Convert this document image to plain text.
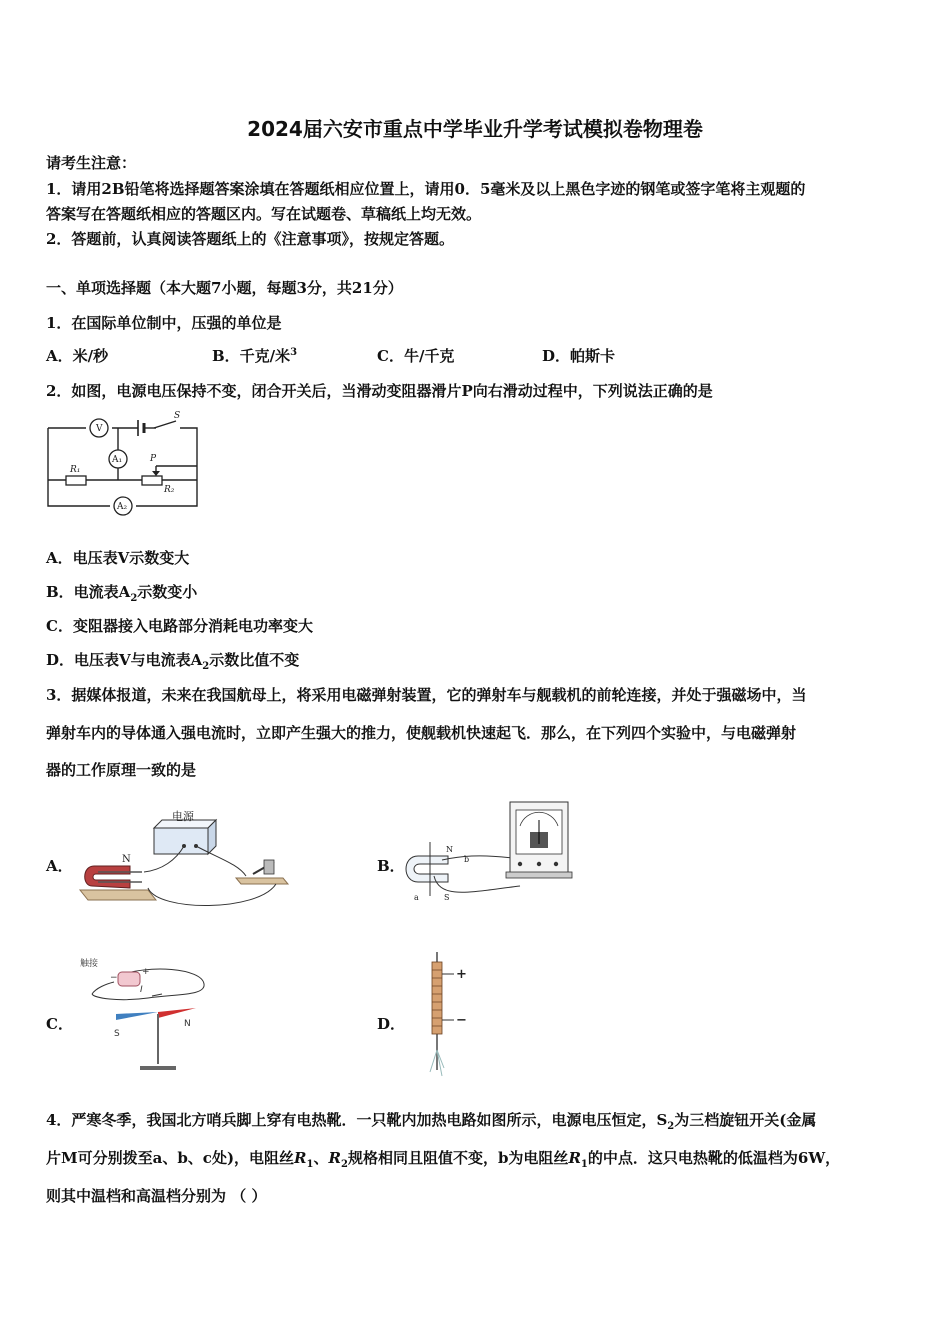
2024届六安市重点中学毕业升学考试模拟卷物理卷
请考生注意：
1．请用2B铅笔将选择题答案涂填在答题纸相应位置上，请用0．5毫米及以上黑色字迹的钢笔或签字笔将主观题的
答案写在答题纸相应的答题区内。写在试题卷、草稿纸上均无效。
2．答题前，认真阅读答题纸上的《注意事项》，按规定答题。
一、单项选择题（本大题7小题，每题3分，共21分）
1．在国际单位制中，压强的单位是
A．米/秒	B．千克/米$^3$	C．牛/千克	D．帕斯卡
2．如图，电源电压保持不变，闭合开关后，当滑动变阻器滑片P向右滑动过程中，下列说法正确的是
V
S
A₁	P
R₁
R₂
A₂
A．电压表V示数变大
B．电流表$A_2$示数变小
C．变阻器接入电路部分消耗电功率变大
D．电压表V与电流表$A_2$示数比值不变
3．据媒体报道，未来在我国航母上，将采用电磁弹射装置，它的弹射车与舰载机的前轮连接，并处于强磁场中，当
弹射车内的导体通入强电流时，立即产生强大的推力，使舰载机快速起飞．那么，在下列四个实验中，与电磁弹射
器的工作原理一致的是
A．	B．
C．	D．
电源
N
N
S
a
b
触接
−
+
I
S
N
+
−
4．严寒冬季，我国北方哨兵脚上穿有电热靴．一只靴内加热电路如图所示，电源电压恒定，$S_2$为三档旋钮开关(金属
片M可分别拨至a、b、c处)，电阻丝$R_1$、$R_2$规格相同且阻值不变，b为电阻丝$R_1$的中点．这只电热靴的低温档为6W，
则其中温档和高温档分别为 （ ）
